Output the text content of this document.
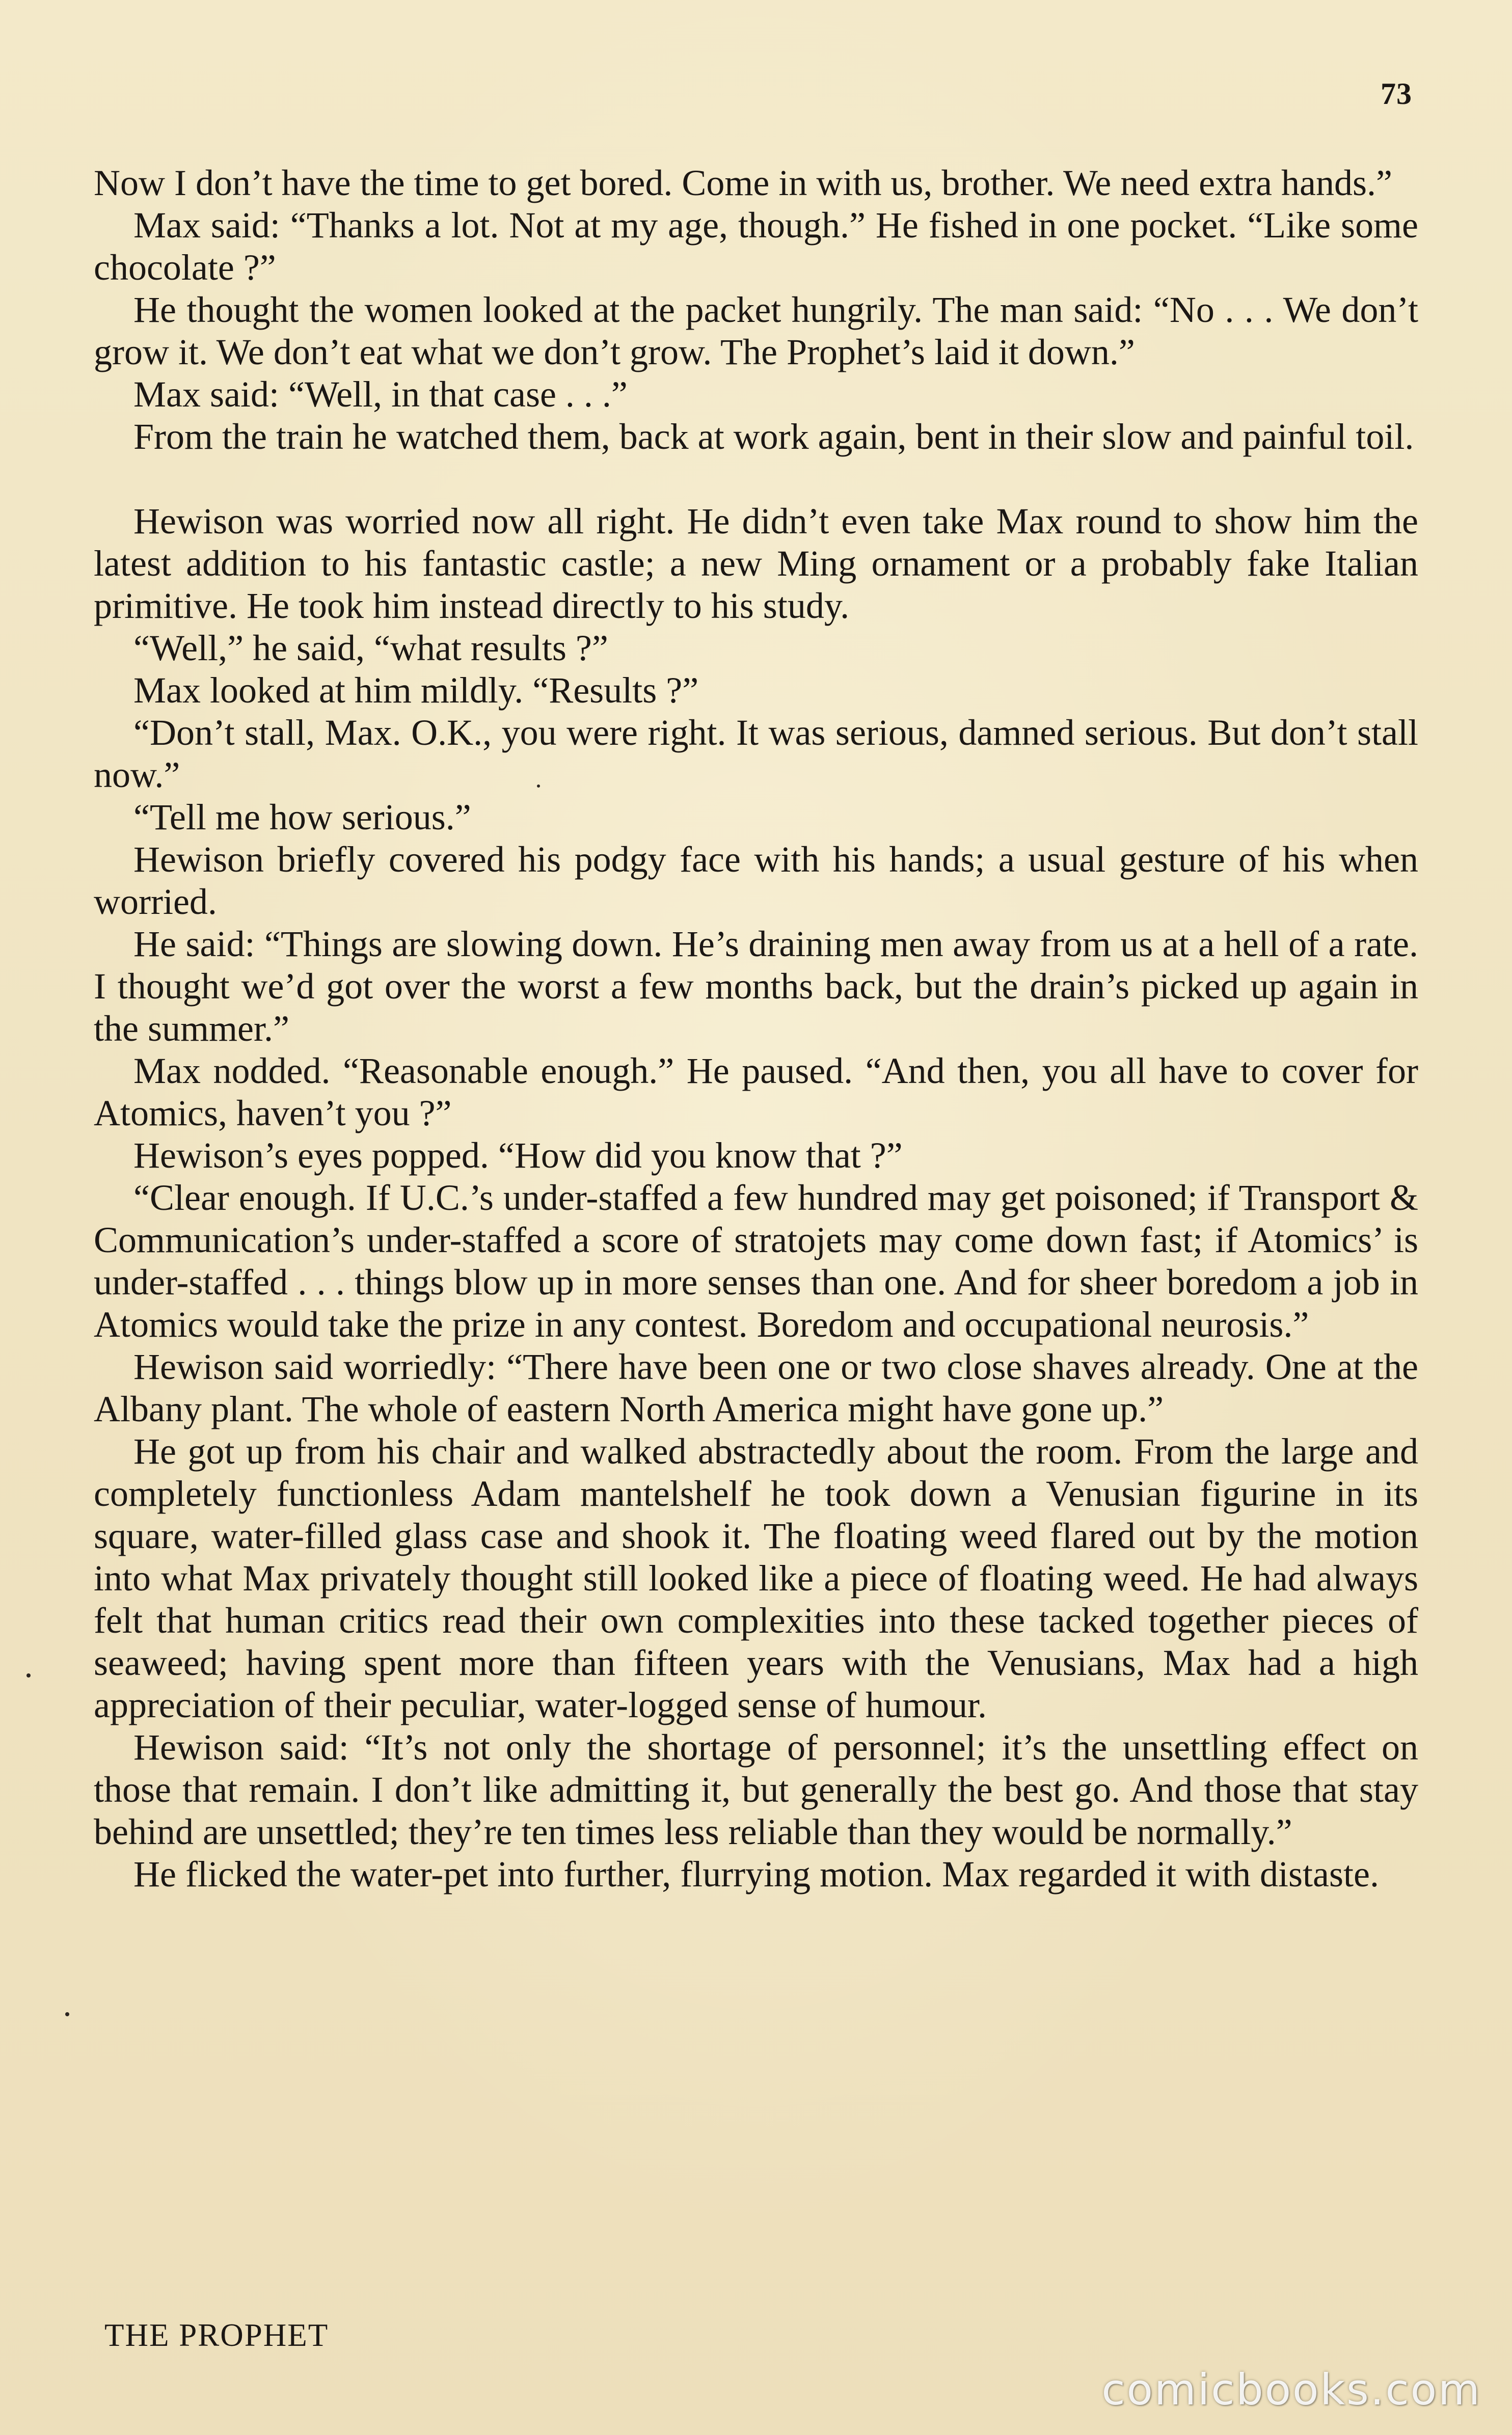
73

Now I don’t have the time to get bored. Come in with us, brother. We need extra hands.”

Max said: “Thanks a lot. Not at my age, though.” He fished in one pocket. “Like some chocolate ?”

He thought the women looked at the packet hungrily. The man said: “No . . . We don’t grow it. We don’t eat what we don’t grow. The Prophet’s laid it down.”

Max said: “Well, in that case . . .”

From the train he watched them, back at work again, bent in their slow and painful toil.

Hewison was worried now all right. He didn’t even take Max round to show him the latest addition to his fantastic castle; a new Ming ornament or a probably fake Italian primitive. He took him instead directly to his study.

“Well,” he said, “what results ?”

Max looked at him mildly. “Results ?”

“Don’t stall, Max. O.K., you were right. It was serious, damned serious. But don’t stall now.”

“Tell me how serious.”

Hewison briefly covered his podgy face with his hands; a usual gesture of his when worried.

He said: “Things are slowing down. He’s draining men away from us at a hell of a rate. I thought we’d got over the worst a few months back, but the drain’s picked up again in the summer.”

Max nodded. “Reasonable enough.” He paused. “And then, you all have to cover for Atomics, haven’t you ?”

Hewison’s eyes popped. “How did you know that ?”

“Clear enough. If U.C.’s under-staffed a few hundred may get poisoned; if Transport & Communication’s under-staffed a score of stratojets may come down fast; if Atomics’ is under-staffed . . . things blow up in more senses than one. And for sheer boredom a job in Atomics would take the prize in any contest. Boredom and occupational neurosis.”

Hewison said worriedly: “There have been one or two close shaves already. One at the Albany plant. The whole of eastern North America might have gone up.”

He got up from his chair and walked abstractedly about the room. From the large and completely functionless Adam mantelshelf he took down a Venusian figurine in its square, water-filled glass case and shook it. The floating weed flared out by the motion into what Max privately thought still looked like a piece of floating weed. He had always felt that human critics read their own complexities into these tacked together pieces of seaweed; having spent more than fifteen years with the Venusians, Max had a high appreciation of their peculiar, water-logged sense of humour.

Hewison said: “It’s not only the shortage of personnel; it’s the unsettling effect on those that remain. I don’t like admitting it, but generally the best go. And those that stay behind are unsettled; they’re ten times less reliable than they would be normally.”

He flicked the water-pet into further, flurrying motion. Max regarded it with distaste.

THE PROPHET
comicbooks.com
